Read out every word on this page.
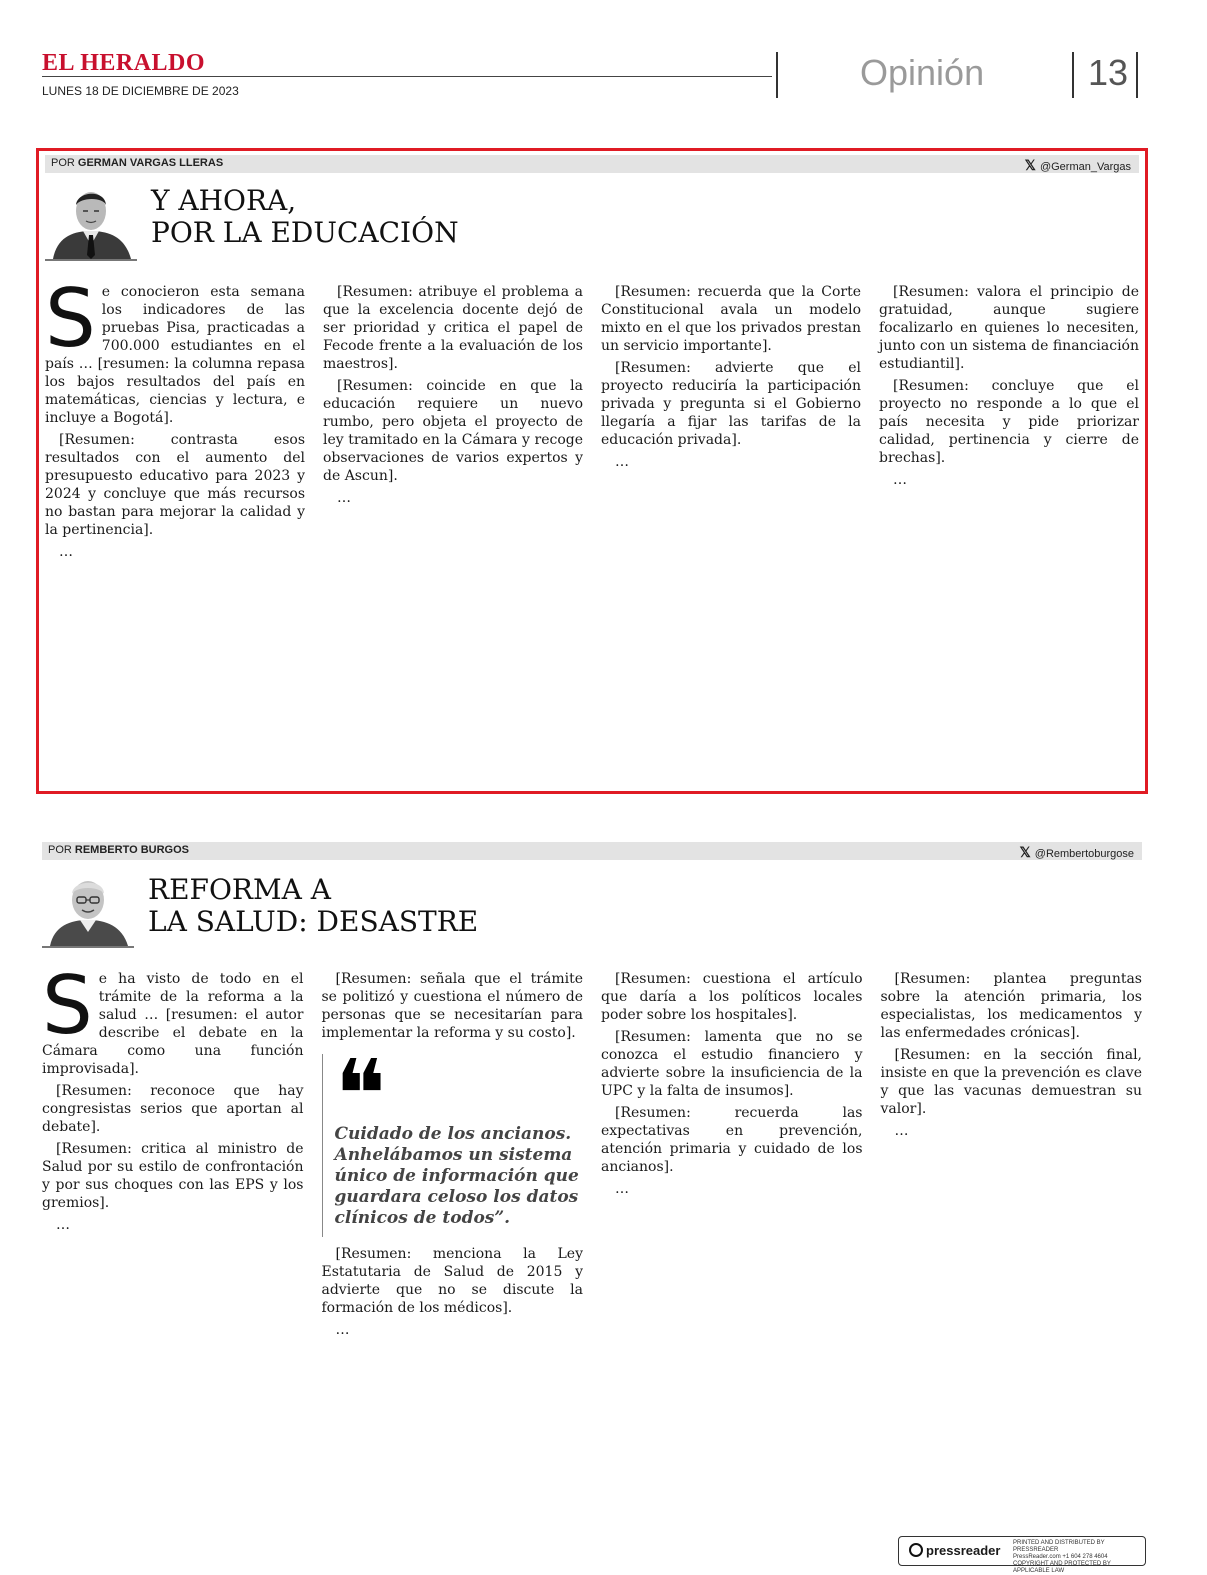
EL HERALDO
LUNES 18 DE DICIEMBRE DE 2023	Opinión	13
POR GERMAN VARGAS LLERAS	𝕏 @German_Vargas
Y AHORA,
POR LA EDUCACIÓN

Se conocieron esta semana los indicadores de las pruebas Pisa, practicadas a 700.000 estudiantes en el país … [resumen: la columna repasa los bajos resultados del país en matemáticas, ciencias y lectura, e incluye a Bogotá].

[Resumen: contrasta esos resultados con el aumento del presupuesto educativo para 2023 y 2024 y concluye que más recursos no bastan para mejorar la calidad y la pertinencia].

…

[Resumen: atribuye el problema a que la excelencia docente dejó de ser prioridad y critica el papel de Fecode frente a la evaluación de los maestros].

[Resumen: coincide en que la educación requiere un nuevo rumbo, pero objeta el proyecto de ley tramitado en la Cámara y recoge observaciones de varios expertos y de Ascun].

…

[Resumen: recuerda que la Corte Constitucional avala un modelo mixto en el que los privados prestan un servicio importante].

[Resumen: advierte que el proyecto reduciría la participación privada y pregunta si el Gobierno llegaría a fijar las tarifas de la educación privada].

…

[Resumen: valora el principio de gratuidad, aunque sugiere focalizarlo en quienes lo necesiten, junto con un sistema de financiación estudiantil].

[Resumen: concluye que el proyecto no responde a lo que el país necesita y pide priorizar calidad, pertinencia y cierre de brechas].

…

POR REMBERTO BURGOS	𝕏 @Rembertoburgose
REFORMA A
LA SALUD: DESASTRE

Se ha visto de todo en el trámite de la reforma a la salud … [resumen: el autor describe el debate en la Cámara como una función improvisada].

[Resumen: reconoce que hay congresistas serios que aportan al debate].

[Resumen: critica al ministro de Salud por su estilo de confrontación y por sus choques con las EPS y los gremios].

…

[Resumen: señala que el trámite se politizó y cuestiona el número de personas que se necesitarían para implementar la reforma y su costo].

❝
Cuidado de los ancianos. Anhelábamos un sistema único de información que guardara celoso los datos clínicos de todos”.

[Resumen: menciona la Ley Estatutaria de Salud de 2015 y advierte que no se discute la formación de los médicos].

…

[Resumen: cuestiona el artículo que daría a los políticos locales poder sobre los hospitales].

[Resumen: lamenta que no se conozca el estudio financiero y advierte sobre la insuficiencia de la UPC y la falta de insumos].

[Resumen: recuerda las expectativas en prevención, atención primaria y cuidado de los ancianos].

…

[Resumen: plantea preguntas sobre la atención primaria, los especialistas, los medicamentos y las enfermedades crónicas].

[Resumen: en la sección final, insiste en que la prevención es clave y que las vacunas demuestran su valor].

…

pressreader PRINTED AND DISTRIBUTED BY PRESSREADER
PressReader.com +1 604 278 4604
COPYRIGHT AND PROTECTED BY APPLICABLE LAW
